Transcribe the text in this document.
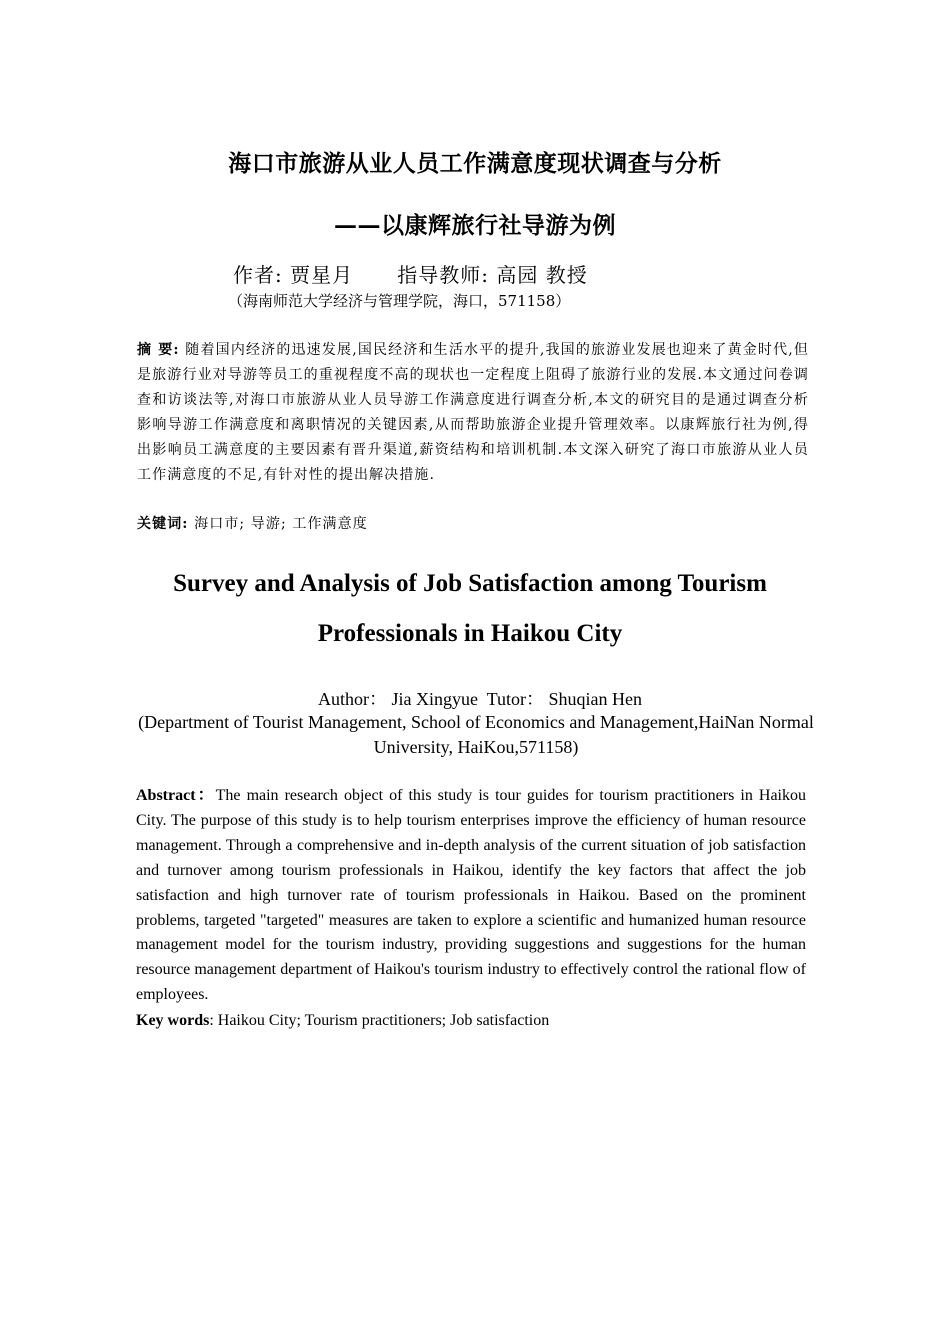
海口市旅游从业人员工作满意度现状调查与分析
——以康辉旅行社导游为例
作者: 贾星月      指导教师: 高园 教授
（海南师范大学经济与管理学院，海口，571158）
摘 要: 随着国内经济的迅速发展,国民经济和生活水平的提升,我国的旅游业发展也迎来了黄金时代,但是旅游行业对导游等员工的重视程度不高的现状也一定程度上阻碍了旅游行业的发展.本文通过问卷调查和访谈法等,对海口市旅游从业人员导游工作满意度进行调查分析,本文的研究目的是通过调查分析影响导游工作满意度和离职情况的关键因素,从而帮助旅游企业提升管理效率。以康辉旅行社为例,得出影响员工满意度的主要因素有晋升渠道,薪资结构和培训机制.本文深入研究了海口市旅游从业人员工作满意度的不足,有针对性的提出解决措施.
关键词: 海口市; 导游; 工作满意度
Survey and Analysis of Job Satisfaction among Tourism
Professionals in Haikou City
Author： Jia Xingyue  Tutor： Shuqian Hen
(Department of Tourist Management, School of Economics and Management,HaiNan Normal University, HaiKou,571158)
Abstract：The main research object of this study is tour guides for tourism practitioners in Haikou City. The purpose of this study is to help tourism enterprises improve the efficiency of human resource management. Through a comprehensive and in-depth analysis of the current situation of job satisfaction and turnover among tourism professionals in Haikou, identify the key factors that affect the job satisfaction and high turnover rate of tourism professionals in Haikou. Based on the prominent problems, targeted "targeted" measures are taken to explore a scientific and humanized human resource management model for the tourism industry, providing suggestions and suggestions for the human resource management department of Haikou's tourism industry to effectively control the rational flow of employees.
Key words: Haikou City; Tourism practitioners; Job satisfaction
